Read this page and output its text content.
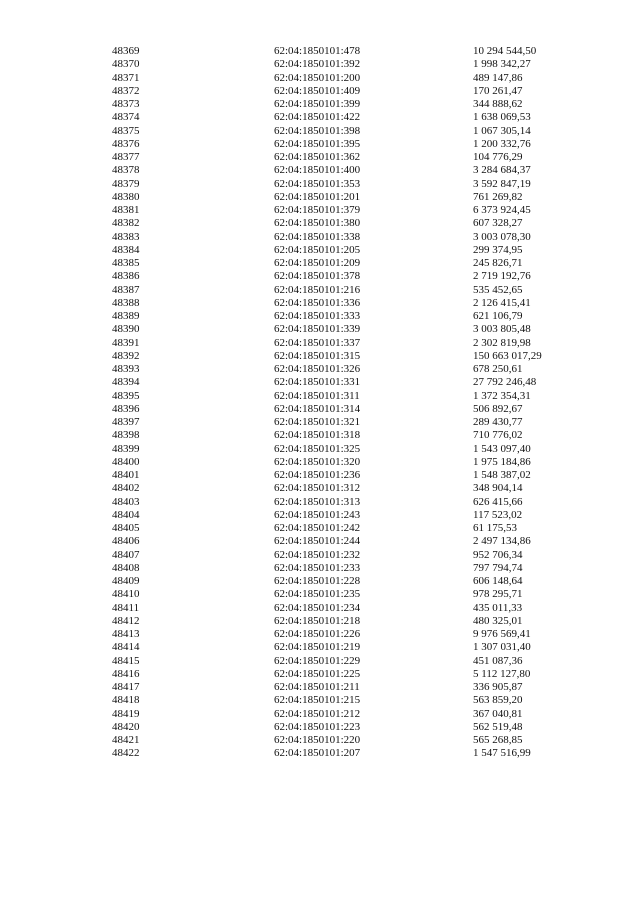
48369	62:04:1850101:478	10 294 544,50
48370	62:04:1850101:392	1 998 342,27
48371	62:04:1850101:200	489 147,86
48372	62:04:1850101:409	170 261,47
48373	62:04:1850101:399	344 888,62
48374	62:04:1850101:422	1 638 069,53
48375	62:04:1850101:398	1 067 305,14
48376	62:04:1850101:395	1 200 332,76
48377	62:04:1850101:362	104 776,29
48378	62:04:1850101:400	3 284 684,37
48379	62:04:1850101:353	3 592 847,19
48380	62:04:1850101:201	761 269,82
48381	62:04:1850101:379	6 373 924,45
48382	62:04:1850101:380	607 328,27
48383	62:04:1850101:338	3 003 078,30
48384	62:04:1850101:205	299 374,95
48385	62:04:1850101:209	245 826,71
48386	62:04:1850101:378	2 719 192,76
48387	62:04:1850101:216	535 452,65
48388	62:04:1850101:336	2 126 415,41
48389	62:04:1850101:333	621 106,79
48390	62:04:1850101:339	3 003 805,48
48391	62:04:1850101:337	2 302 819,98
48392	62:04:1850101:315	150 663 017,29
48393	62:04:1850101:326	678 250,61
48394	62:04:1850101:331	27 792 246,48
48395	62:04:1850101:311	1 372 354,31
48396	62:04:1850101:314	506 892,67
48397	62:04:1850101:321	289 430,77
48398	62:04:1850101:318	710 776,02
48399	62:04:1850101:325	1 543 097,40
48400	62:04:1850101:320	1 975 184,86
48401	62:04:1850101:236	1 548 387,02
48402	62:04:1850101:312	348 904,14
48403	62:04:1850101:313	626 415,66
48404	62:04:1850101:243	117 523,02
48405	62:04:1850101:242	61 175,53
48406	62:04:1850101:244	2 497 134,86
48407	62:04:1850101:232	952 706,34
48408	62:04:1850101:233	797 794,74
48409	62:04:1850101:228	606 148,64
48410	62:04:1850101:235	978 295,71
48411	62:04:1850101:234	435 011,33
48412	62:04:1850101:218	480 325,01
48413	62:04:1850101:226	9 976 569,41
48414	62:04:1850101:219	1 307 031,40
48415	62:04:1850101:229	451 087,36
48416	62:04:1850101:225	5 112 127,80
48417	62:04:1850101:211	336 905,87
48418	62:04:1850101:215	563 859,20
48419	62:04:1850101:212	367 040,81
48420	62:04:1850101:223	562 519,48
48421	62:04:1850101:220	565 268,85
48422	62:04:1850101:207	1 547 516,99
